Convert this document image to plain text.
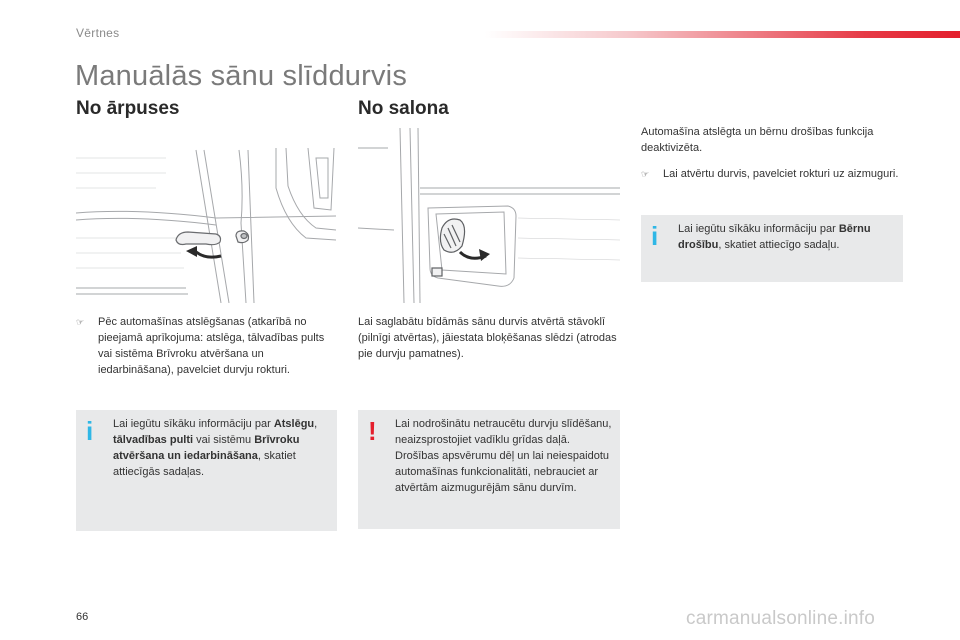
Vērtnes
Manuālās sānu slīddurvis
No ārpuses	No salona
☞	Pēc automašīnas atslēgšanas (atkarībā no pieejamā aprīkojuma: atslēga, tālvadības pults vai sistēma Brīvroku atvēršana un iedarbināšana), pavelciet durvju rokturi.
i Lai iegūtu sīkāku informāciju par Atslēgu, tālvadības pulti vai sistēmu Brīvroku atvēršana un iedarbināšana, skatiet attiecīgās sadaļas.

Lai saglabātu bīdāmās sānu durvis atvērtā stāvoklī (pilnīgi atvērtas), jāiestata bloķēšanas slēdzi (atrodas pie durvju pamatnes).

! Lai nodrošinātu netraucētu durvju slīdēšanu, neaizsprostojiet vadīklu grīdas daļā. Drošības apsvērumu dēļ un lai neiespaidotu automašīnas funkcionalitāti, nebrauciet ar atvērtām aizmugurējām sānu durvīm.

Automašīna atslēgta un bērnu drošības funkcija deaktivizēta.

☞	Lai atvērtu durvis, pavelciet rokturi uz aizmuguri.
i Lai iegūtu sīkāku informāciju par Bērnu drošību, skatiet attiecīgo sadaļu.
66	carmanualsonline.info
